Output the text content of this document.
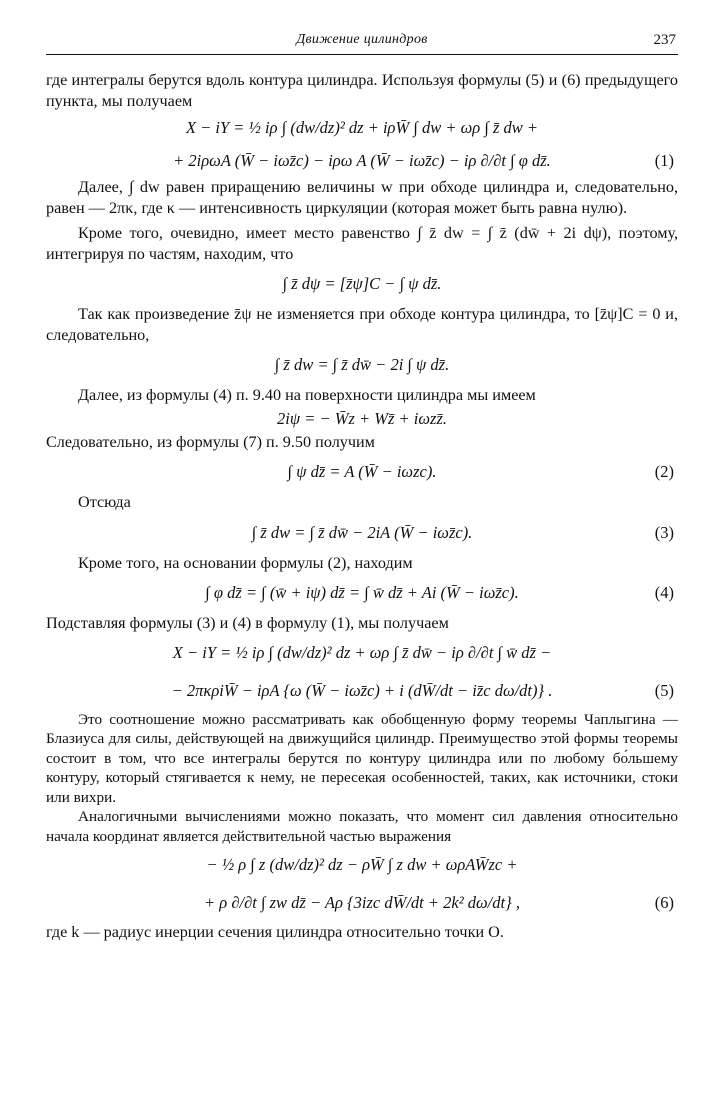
Движение цилиндров	237

где интегралы берутся вдоль контура цилиндра. Используя формулы (5) и (6) предыдущего пункта, мы получаем

X − iY = ½ iρ ∫ (dw/dz)² dz + iρW̄ ∫ dw + ωρ ∫ z̄ dw +
+ 2iρωA (W̄ − iωz̄c) − iρω A (W̄ − iωz̄c) − iρ ∂/∂t ∫ φ dz̄.	(1)

Далее, ∫ dw равен приращению величины w при обходе цилиндра и, следовательно, равен — 2πκ, где κ — интенсивность циркуляции (которая может быть равна нулю).

Кроме того, очевидно, имеет место равенство ∫ z̄ dw = ∫ z̄ (dw̄ + 2i dψ), поэтому, интегрируя по частям, находим, что

∫ z̄ dψ = [z̄ψ]C − ∫ ψ dz̄.

Так как произведение z̄ψ не изменяется при обходе контура цилиндра, то [z̄ψ]C = 0 и, следовательно,

∫ z̄ dw = ∫ z̄ dw̄ − 2i ∫ ψ dz̄.

Далее, из формулы (4) п. 9.40 на поверхности цилиндра мы имеем

2iψ = − W̄z + Wz̄ + iωzz̄.

Следовательно, из формулы (7) п. 9.50 получим

∫ ψ dz̄ = A (W̄ − iωzc).	(2)

Отсюда

∫ z̄ dw = ∫ z̄ dw̄ − 2iA (W̄ − iωz̄c).	(3)

Кроме того, на основании формулы (2), находим

∫ φ dz̄ = ∫ (w̄ + iψ) dz̄ = ∫ w̄ dz̄ + Ai (W̄ − iωz̄c).	(4)

Подставляя формулы (3) и (4) в формулу (1), мы получаем

X − iY = ½ iρ ∫ (dw/dz)² dz + ωρ ∫ z̄ dw̄ − iρ ∂/∂t ∫ w̄ dz̄ −
− 2πκρiW̄ − iρA {ω (W̄ − iωz̄c) + i (dW̄/dt − iz̄c dω/dt)} .	(5)

Это соотношение можно рассматривать как обобщенную форму теоремы Чаплыгина — Блазиуса для силы, действующей на движущийся цилиндр. Преимущество этой формы теоремы состоит в том, что все интегралы берутся по контуру цилиндра или по любому бо́льшему контуру, который стягивается к нему, не пересекая особенностей, таких, как источники, стоки или вихри.

Аналогичными вычислениями можно показать, что момент сил давления относительно начала координат является действительной частью выражения

− ½ ρ ∫ z (dw/dz)² dz − ρW̄ ∫ z dw + ωρAW̄zc +
+ ρ ∂/∂t ∫ zw dz̄ − Aρ {3izc dW̄/dt + 2k² dω/dt} ,	(6)

где k — радиус инерции сечения цилиндра относительно точки O.
